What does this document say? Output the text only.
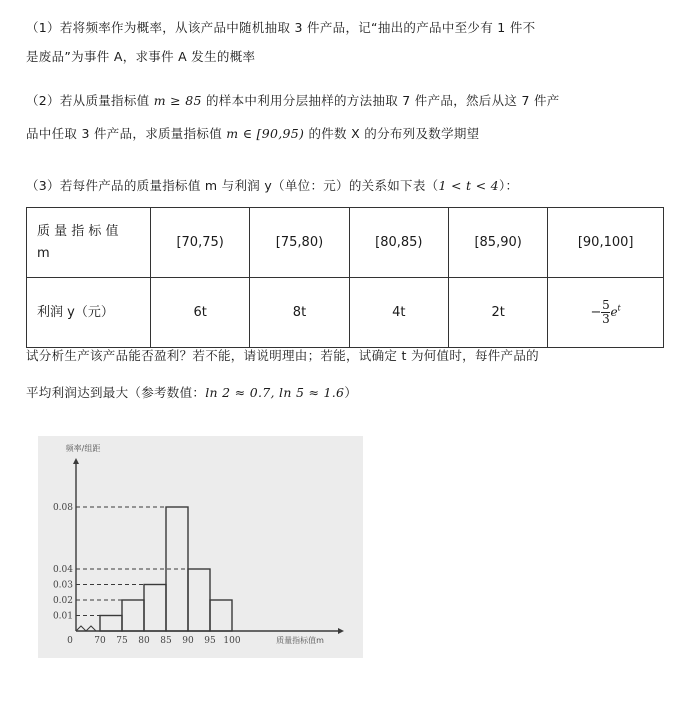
（1）若将频率作为概率，从该产品中随机抽取 3 件产品，记“抽出的产品中至少有 1 件不
是废品”为事件 A，求事件 A 发生的概率
（2）若从质量指标值 m ≥ 85 的样本中利用分层抽样的方法抽取 7 件产品，然后从这 7 件产
品中任取 3 件产品，求质量指标值 m ∈ [90,95) 的件数 X 的分布列及数学期望
（3）若每件产品的质量指标值 m 与利润 y（单位：元）的关系如下表（1 < t < 4）：
质 量 指 标 值
m	[70,75)	[75,80)	[80,85)	[85,90)	[90,100]
利润 y（元）	6t	8t	4t	2t	− $\frac{5}{3} e^t$
试分析生产该产品能否盈利？若不能，请说明理由；若能，试确定 t 为何值时，每件产品的
平均利润达到最大（参考数值：ln 2 ≈ 0.7, ln 5 ≈ 1.6）
0.08
0.04
0.03
0.02
0.01
70 75 80 85 90 95 100
0
频率/组距
质量指标值m
